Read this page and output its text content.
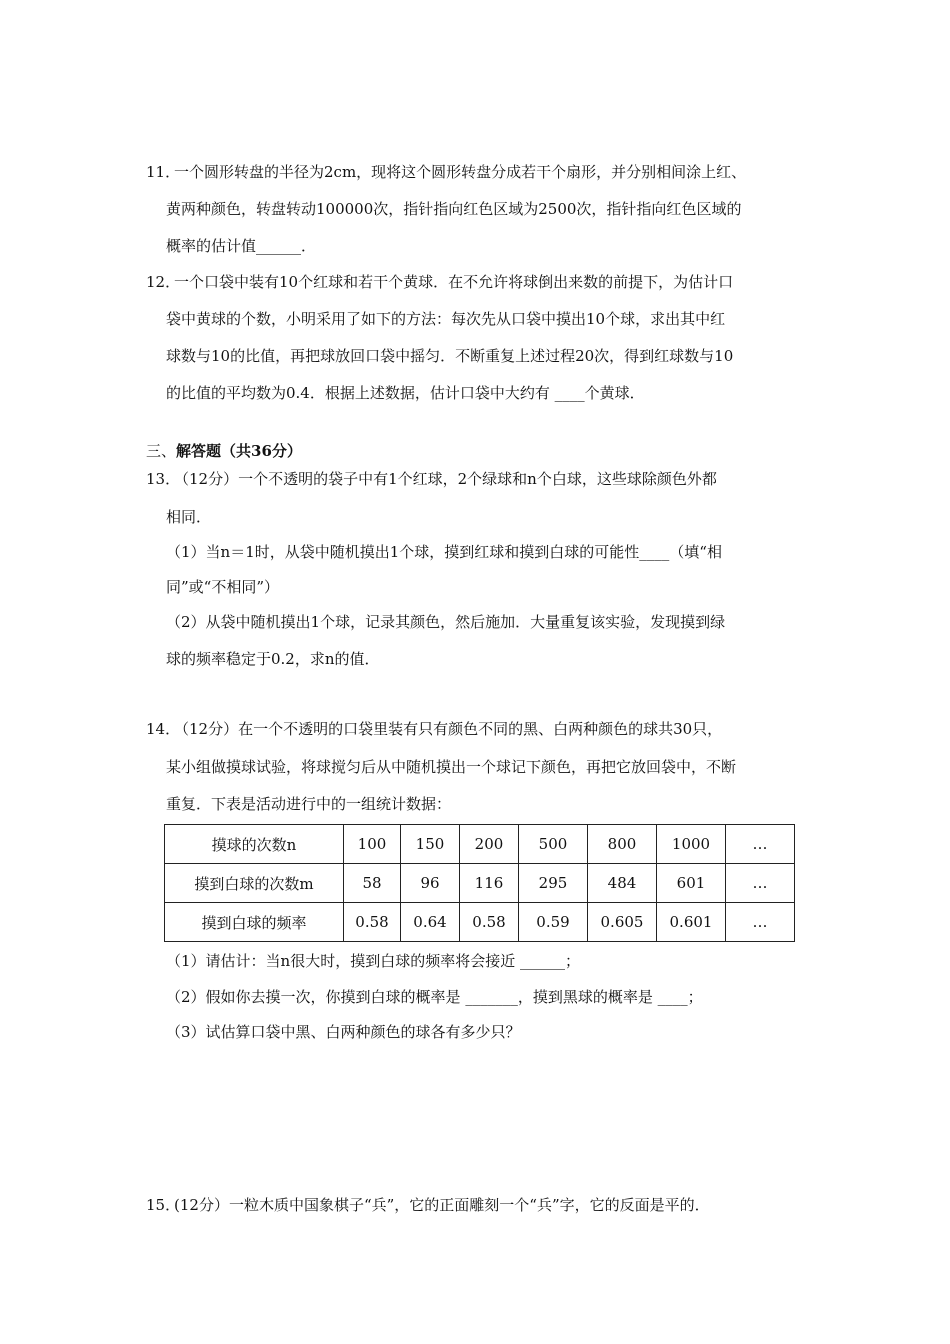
11．
一个圆形转盘的半径为2cm，现将这个圆形转盘分成若干个扇形，并分别相间涂上红、
黄两种颜色，转盘转动100000次，指针指向红色区域为2500次，指针指向红色区域的
概率的估计值______．
12．
一个口袋中装有10个红球和若干个黄球．在不允许将球倒出来数的前提下，为估计口
袋中黄球的个数，小明采用了如下的方法：每次先从口袋中摸出10个球，求出其中红
球数与10的比值，再把球放回口袋中摇匀．不断重复上述过程20次，得到红球数与10
的比值的平均数为0.4．根据上述数据，估计口袋中大约有 ____个黄球．
三、解答题（共36分）
13．
（12分）一个不透明的袋子中有1个红球，2个绿球和n个白球，这些球除颜色外都
相同．
（1）当n＝1时，从袋中随机摸出1个球，摸到红球和摸到白球的可能性____（填“相
同”或“不相同”）
（2）从袋中随机摸出1个球，记录其颜色，然后施加．大量重复该实验，发现摸到绿
球的频率稳定于0.2，求n的值．
14．
（12分）在一个不透明的口袋里装有只有颜色不同的黑、白两种颜色的球共30只，
某小组做摸球试验，将球搅匀后从中随机摸出一个球记下颜色，再把它放回袋中，不断
重复．下表是活动进行中的一组统计数据：
摸球的次数n	100	150	200	500	800	1000	…
摸到白球的次数m	58	96	116	295	484	601	…
摸到白球的频率	0.58	0.64	0.58	0.59	0.605	0.601	…
（1）请估计：当n很大时，摸到白球的频率将会接近 ______；
（2）假如你去摸一次，你摸到白球的概率是 _______，摸到黑球的概率是 ____；
（3）试估算口袋中黑、白两种颜色的球各有多少只？
15．
(12分）一粒木质中国象棋子“兵”，它的正面雕刻一个“兵”字，它的反面是平的．
